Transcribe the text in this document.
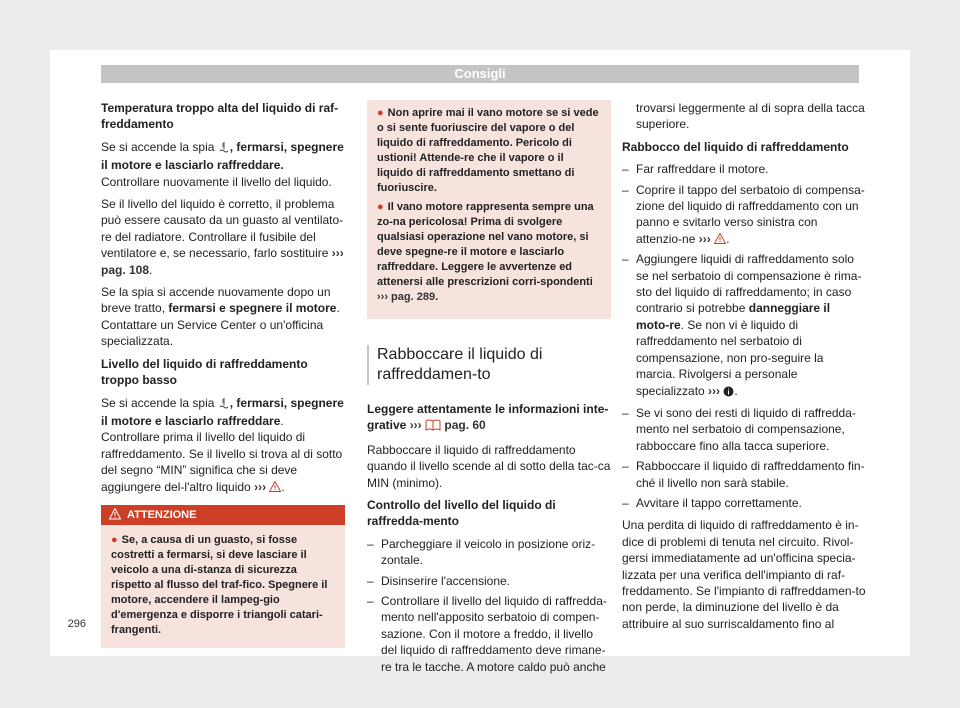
Consigli

Temperatura troppo alta del liquido di raf-freddamento

Se si accende la spia , fermarsi, spegnere il motore e lasciarlo raffreddare. Controllare nuovamente il livello del liquido.

Se il livello del liquido è corretto, il problema può essere causato da un guasto al ventilato-re del radiatore. Controllare il fusibile del ventilatore e, se necessario, farlo sostituire ››› pag. 108.

Se la spia si accende nuovamente dopo un breve tratto, fermarsi e spegnere il motore. Contattare un Service Center o un'officina specializzata.

Livello del liquido di raffreddamento troppo basso

Se si accende la spia , fermarsi, spegnere il motore e lasciarlo raffreddare. Controllare prima il livello del liquido di raffreddamento. Se il livello si trova al di sotto del segno “MIN” significa che si deve aggiungere del-l'altro liquido ››› .

ATTENZIONE
● Se, a causa di un guasto, si fosse costretti a fermarsi, si deve lasciare il veicolo a una di-stanza di sicurezza rispetto al flusso del traf-fico. Spegnere il motore, accendere il lampeg-gio d'emergenza e disporre i triangoli catari-frangenti.

● Non aprire mai il vano motore se si vede o si sente fuoriuscire del vapore o del liquido di raffreddamento. Pericolo di ustioni! Attende-re che il vapore o il liquido di raffreddamento smettano di fuoriuscire.

● Il vano motore rappresenta sempre una zo-na pericolosa! Prima di svolgere qualsiasi operazione nel vano motore, si deve spegne-re il motore e lasciarlo raffreddare. Leggere le avvertenze ed attenersi alle prescrizioni corri-spondenti ››› pag. 289.

Rabboccare il liquido di raffreddamen-to

Leggere attentamente le informazioni inte-grative ›››  pag. 60

Rabboccare il liquido di raffreddamento quando il livello scende al di sotto della tac-ca MIN (minimo).

Controllo del livello del liquido di raffredda-mento

– Parcheggiare il veicolo in posizione oriz-zontale.
– Disinserire l'accensione.
– Controllare il livello del liquido di raffredda-mento nell'apposito serbatoio di compen-sazione. Con il motore a freddo, il livello del liquido di raffreddamento deve rimane-re tra le tacche. A motore caldo può anche

trovarsi leggermente al di sopra della tacca superiore.

Rabbocco del liquido di raffreddamento

– Far raffreddare il motore.
– Coprire il tappo del serbatoio di compensa-zione del liquido di raffreddamento con un panno e svitarlo verso sinistra con attenzio-ne ››› .
– Aggiungere liquidi di raffreddamento solo se nel serbatoio di compensazione è rima-sto del liquido di raffreddamento; in caso contrario si potrebbe danneggiare il moto-re. Se non vi è liquido di raffreddamento nel serbatoio di compensazione, non pro-seguire la marcia. Rivolgersi a personale specializzato ››› .
– Se vi sono dei resti di liquido di raffredda-mento nel serbatoio di compensazione, rabboccare fino alla tacca superiore.
– Rabboccare il liquido di raffreddamento fin-ché il livello non sarà stabile.
– Avvitare il tappo correttamente.

Una perdita di liquido di raffreddamento è in-dice di problemi di tenuta nel circuito. Rivol-gersi immediatamente ad un'officina specia-lizzata per una verifica dell'impianto di raf-freddamento. Se l'impianto di raffreddamen-to non perde, la diminuzione del livello è da attribuire al suo surriscaldamento fino al

296
